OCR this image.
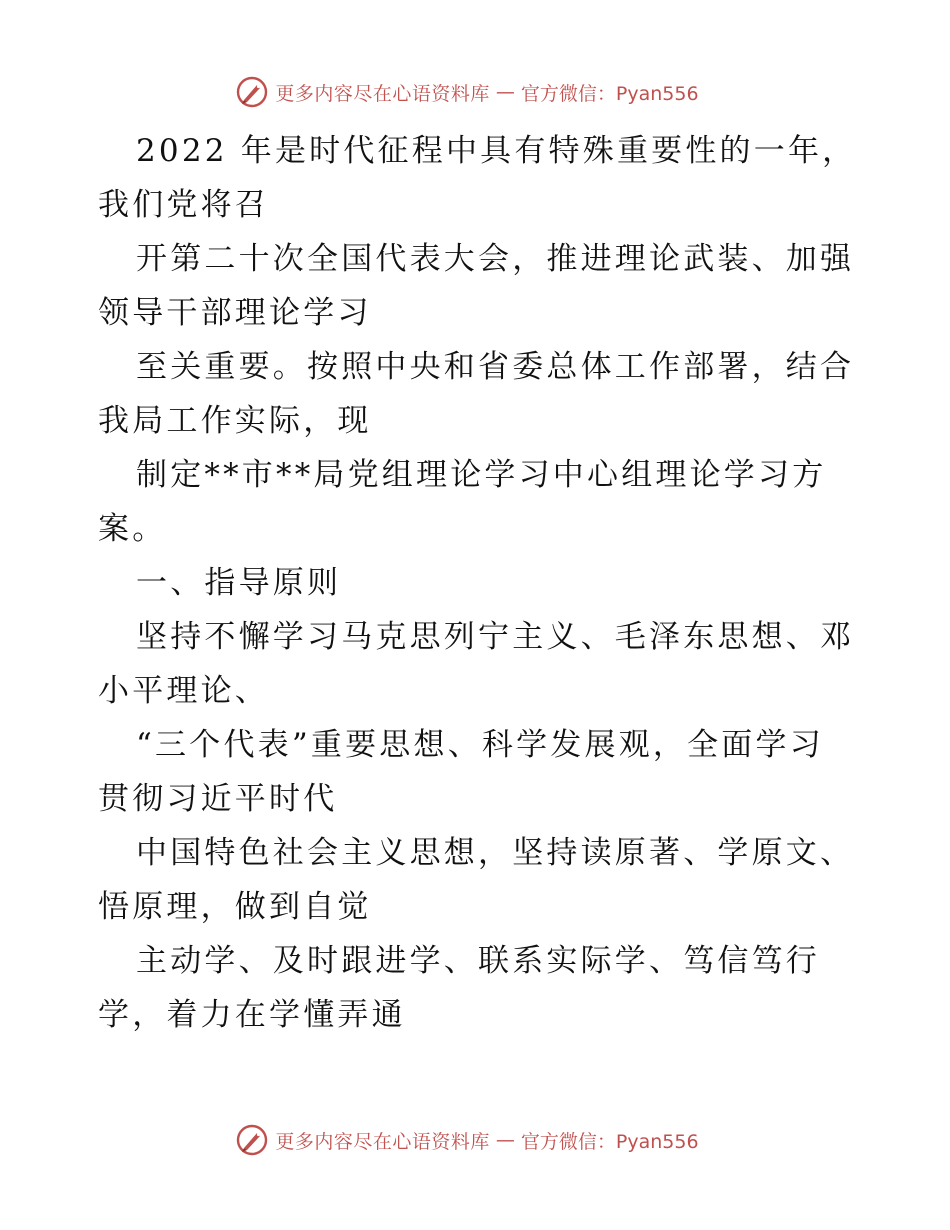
更多内容尽在心语资料库 — 官方微信：Pyan556
2022 年是时代征程中具有特殊重要性的一年，
我们党将召
开第二十次全国代表大会，推进理论武装、加强
领导干部理论学习
至关重要。按照中央和省委总体工作部署，结合
我局工作实际，现
制定**市**局党组理论学习中心组理论学习方
案。
一、指导原则
坚持不懈学习马克思列宁主义、毛泽东思想、邓
小平理论、
“三个代表”重要思想、科学发展观，全面学习
贯彻习近平时代
中国特色社会主义思想，坚持读原著、学原文、
悟原理，做到自觉
主动学、及时跟进学、联系实际学、笃信笃行
学，着力在学懂弄通
更多内容尽在心语资料库 — 官方微信：Pyan556
